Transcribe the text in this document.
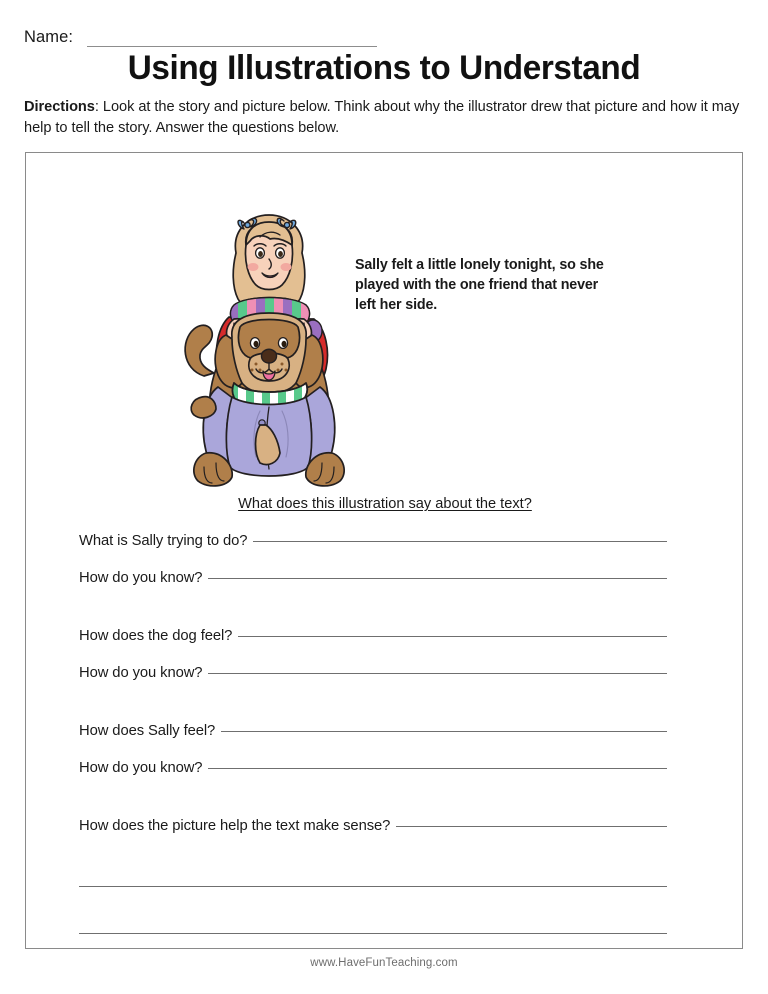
Name:
Using Illustrations to Understand
Directions: Look at the story and picture below. Think about why the illustrator drew that picture and how it may help to tell the story. Answer the questions below.
Sally felt a little lonely tonight, so she played with the one friend that never left her side.
What does this illustration say about the text?
What is Sally trying to do?
How do you know?
How does the dog feel?
How do you know?
How does Sally feel?
How do you know?
How does the picture help the text make sense?
www.HaveFunTeaching.com
